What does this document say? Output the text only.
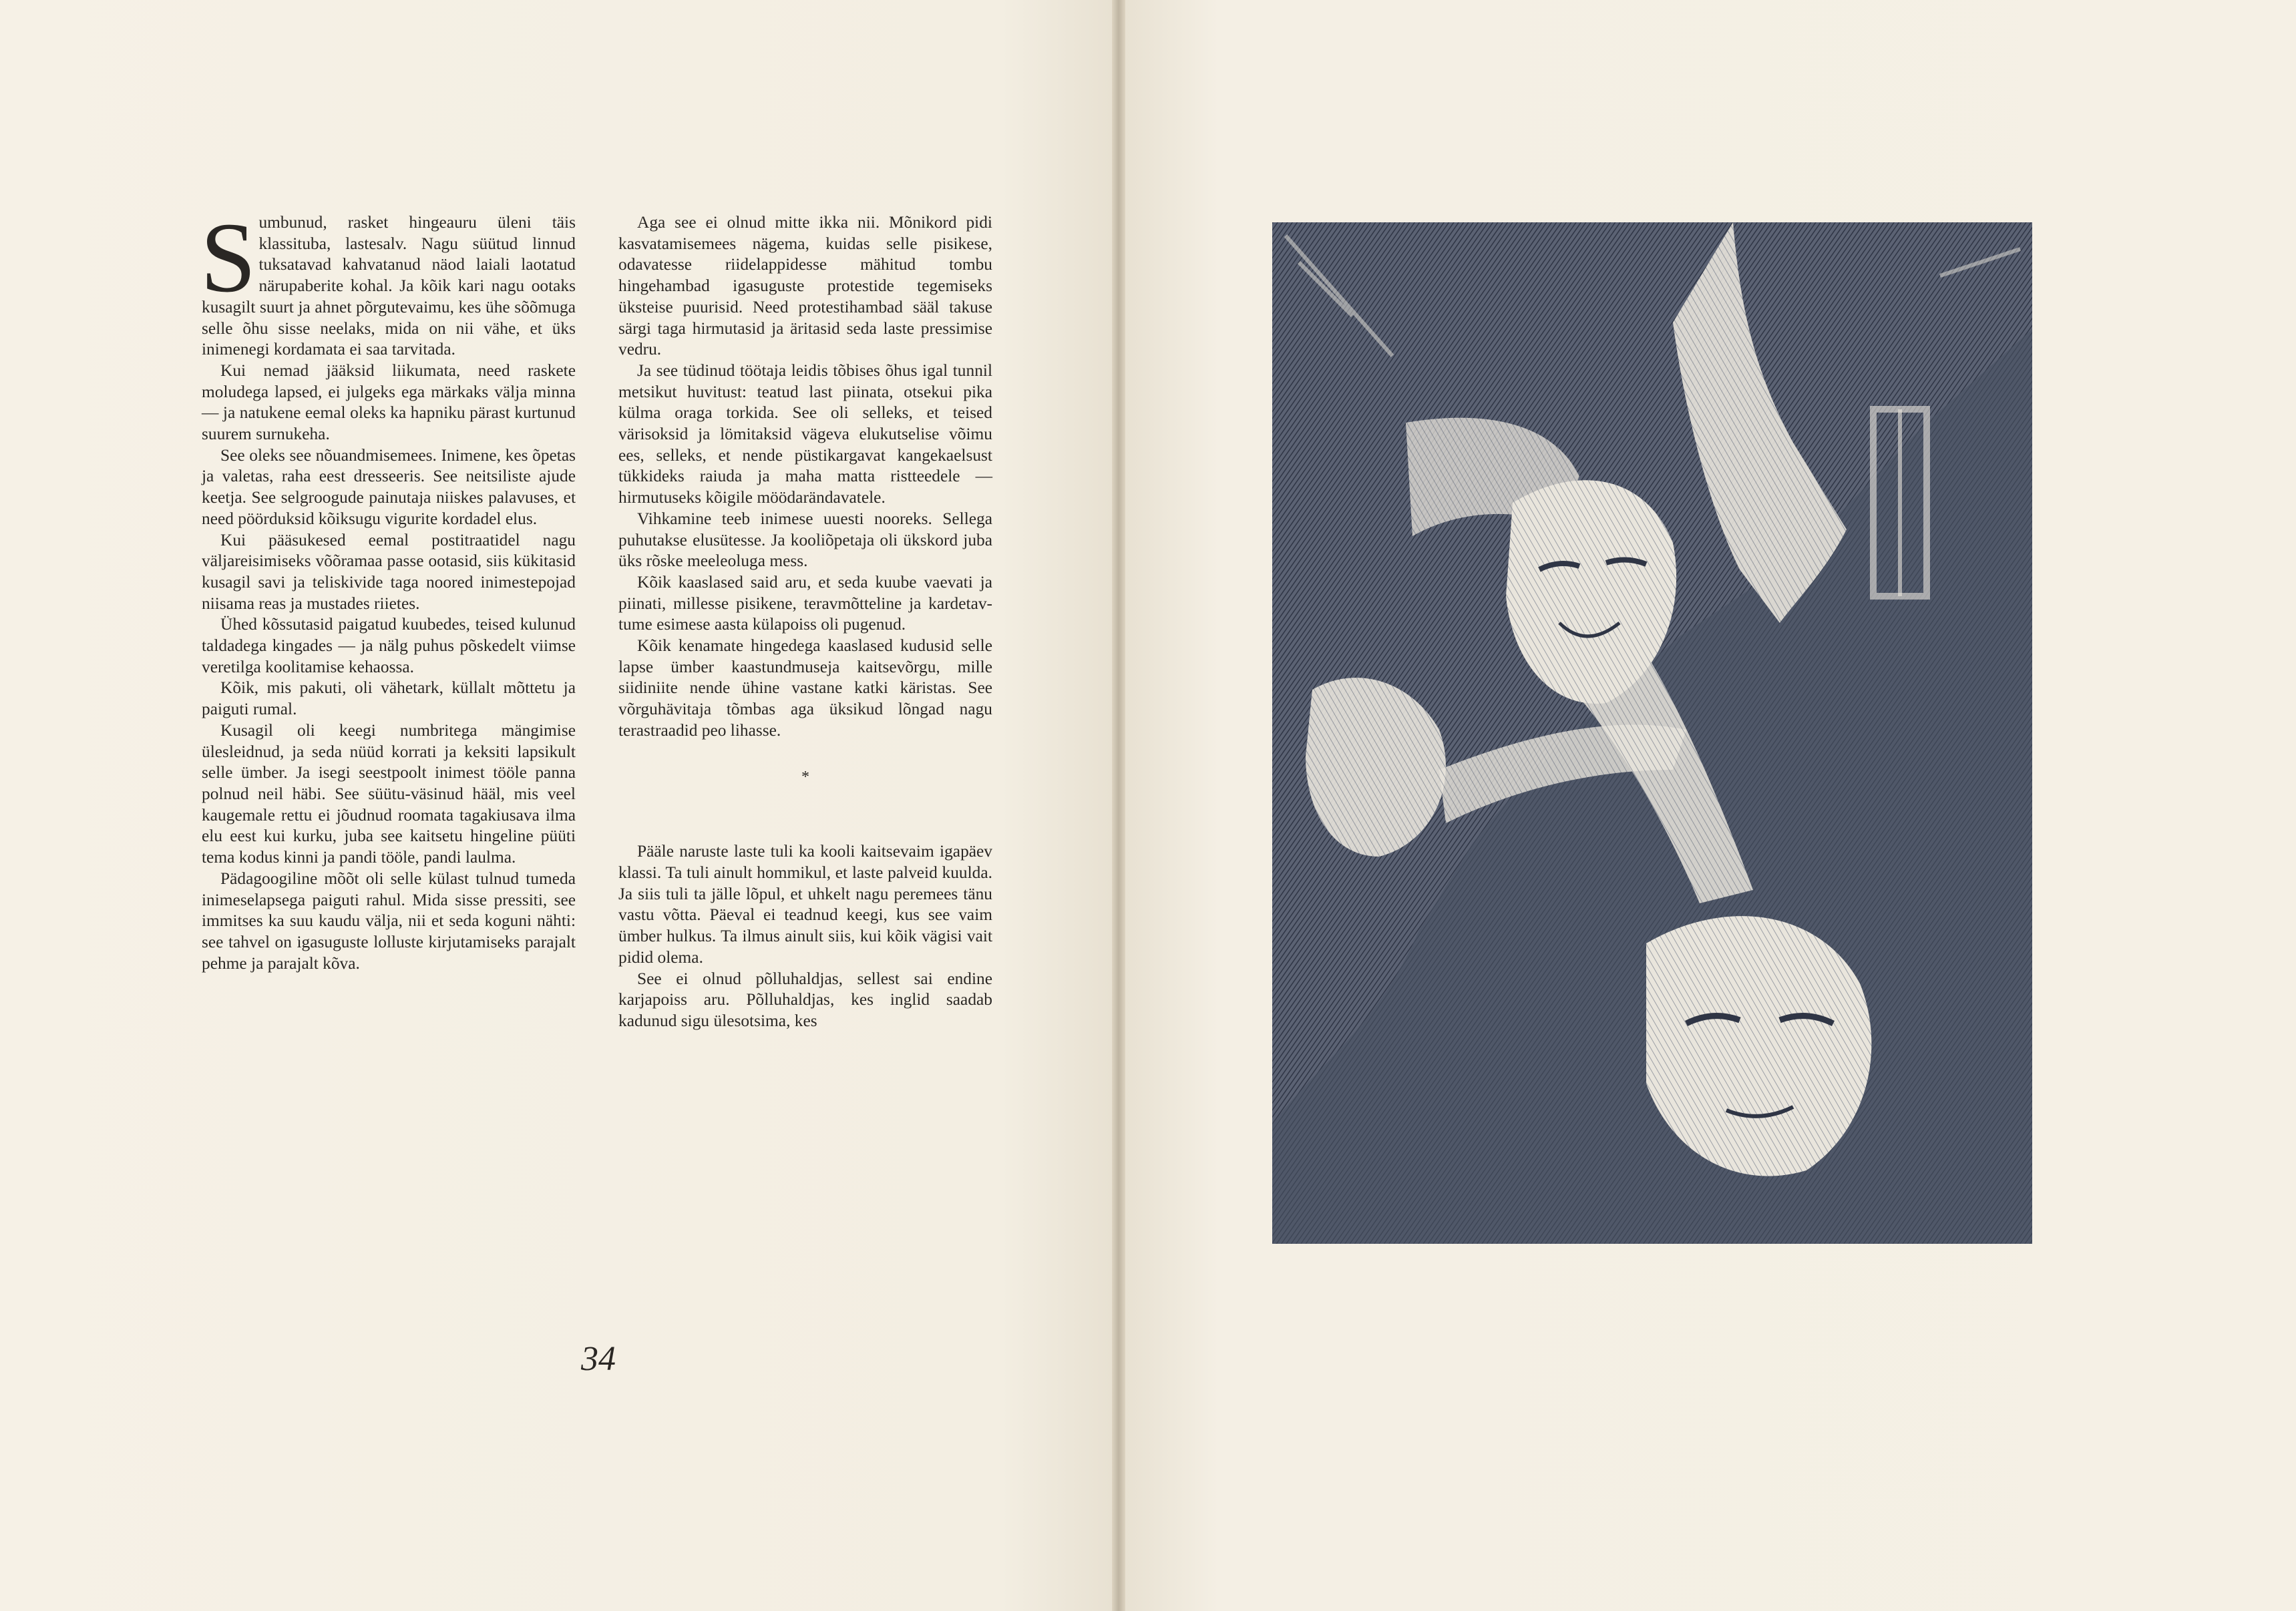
Sumbunud, rasket hingeauru üleni täis klassituba, lastesalv. Nagu süütud linnud tuksatavad kahvatanud näod laiali laotatud närupaberite kohal. Ja kõik kari nagu ootaks kusagilt suurt ja ahnet põrgutevaimu, kes ühe sõõmuga selle õhu sisse neelaks, mida on nii vähe, et üks inimenegi kordamata ei saa tarvitada.

Kui nemad jääksid liikumata, need raskete moludega lapsed, ei julgeks ega märkaks välja minna — ja natukene eemal oleks ka hapniku pärast kurtunud suurem surnukeha.

See oleks see nõuandmisemees. Inimene, kes õpetas ja valetas, raha eest dresseeris. See neitsiliste ajude keetja. See selgroogude painutaja niiskes palavuses, et need pöörduksid kõiksugu vigurite kordadel elus.

Kui pääsukesed eemal postitraatidel nagu väljareisimiseks võõramaa passe ootasid, siis kükitasid kusagil savi ja teliskivide taga noored inimestepojad niisama reas ja mustades riietes.

Ühed kõssutasid paigatud kuubedes, teised kulunud taldadega kingades — ja nälg puhus põskedelt viimse veretilga koolitamise kehaossa.

Kõik, mis pakuti, oli vähetark, küllalt mõttetu ja paiguti rumal.

Kusagil oli keegi numbritega mängimise ülesleidnud, ja seda nüüd korrati ja keksiti lapsikult selle ümber. Ja isegi seestpoolt inimest tööle panna polnud neil häbi. See süütu-väsinud hääl, mis veel kaugemale rettu ei jõudnud roomata tagakiusava ilma elu eest kui kurku, juba see kaitsetu hingeline püüti tema kodus kinni ja pandi tööle, pandi laulma.

Pädagoogiline mõõt oli selle külast tulnud tumeda inimeselapsega paiguti rahul. Mida sisse pressiti, see immitses ka suu kaudu välja, nii et seda koguni nähti: see tahvel on igasuguste lolluste kirjutamiseks parajalt pehme ja parajalt kõva.

Aga see ei olnud mitte ikka nii. Mõnikord pidi kasvatamisemees nägema, kuidas selle pisikese, odavatesse riidelappidesse mähitud tombu hingehambad igasuguste protestide tegemiseks üksteise puurisid. Need protestihambad sääl takuse särgi taga hirmutasid ja äritasid seda laste pressimise vedru.

Ja see tüdinud töötaja leidis tõbises õhus igal tunnil metsikut huvitust: teatud last piinata, otsekui pika külma oraga torkida. See oli selleks, et teised värisoksid ja lömitaksid vägeva elukutselise võimu ees, selleks, et nende püstikargavat kangekaelsust tükkideks raiuda ja maha matta ristteedele — hirmutuseks kõigile möödarändavatele.

Vihkamine teeb inimese uuesti nooreks. Sellega puhutakse elusütesse. Ja kooliõpetaja oli ükskord juba üks rõske meeleoluga mess.

Kõik kaaslased said aru, et seda kuube vaevati ja piinati, millesse pisikene, teravmõtteline ja kardetav-tume esimese aasta külapoiss oli pugenud.

Kõik kenamate hingedega kaaslased kudusid selle lapse ümber kaastundmuseja kaitsevõrgu, mille siidiniite nende ühine vastane katki käristas. See võrguhävitaja tõmbas aga üksikud lõngad nagu terastraadid peo lihasse.

*

Pääle naruste laste tuli ka kooli kaitsevaim igapäev klassi. Ta tuli ainult hommikul, et laste palveid kuulda. Ja siis tuli ta jälle lõpul, et uhkelt nagu peremees tänu vastu võtta. Päeval ei teadnud keegi, kus see vaim ümber hulkus. Ta ilmus ainult siis, kui kõik vägisi vait pidid olema.

See ei olnud põlluhaldjas, sellest sai endine karjapoiss aru. Põlluhaldjas, kes inglid saadab kadunud sigu ülesotsima, kes

34
